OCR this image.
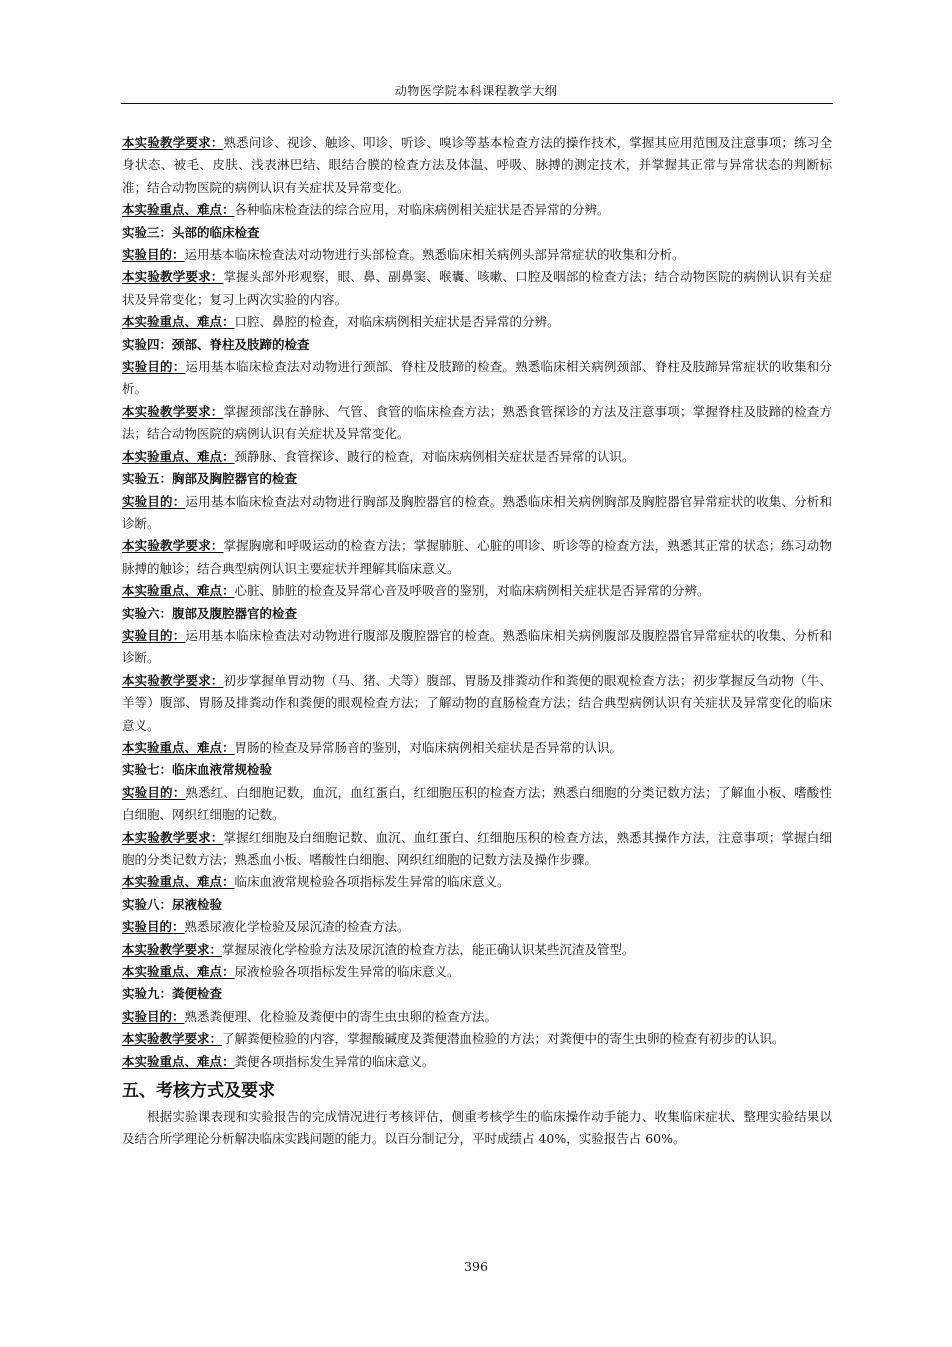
动物医学院本科课程教学大纲

本实验教学要求：熟悉问诊、视诊、触诊、叩诊、听诊、嗅诊等基本检查方法的操作技术，掌握其应用范围及注意事项；练习全身状态、被毛、皮肤、浅表淋巴结、眼结合膜的检查方法及体温、呼吸、脉搏的测定技术，并掌握其正常与异常状态的判断标准；结合动物医院的病例认识有关症状及异常变化。

本实验重点、难点：各种临床检查法的综合应用，对临床病例相关症状是否异常的分辨。

实验三：头部的临床检查

实验目的：运用基本临床检查法对动物进行头部检查。熟悉临床相关病例头部异常症状的收集和分析。

本实验教学要求：掌握头部外形观察，眼、鼻、副鼻窦、喉囊、咳嗽、口腔及咽部的检查方法；结合动物医院的病例认识有关症状及异常变化；复习上两次实验的内容。

本实验重点、难点：口腔、鼻腔的检查，对临床病例相关症状是否异常的分辨。

实验四：颈部、脊柱及肢蹄的检查

实验目的：运用基本临床检查法对动物进行颈部、脊柱及肢蹄的检查。熟悉临床相关病例颈部、脊柱及肢蹄异常症状的收集和分析。

本实验教学要求：掌握颈部浅在静脉、气管、食管的临床检查方法；熟悉食管探诊的方法及注意事项；掌握脊柱及肢蹄的检查方法；结合动物医院的病例认识有关症状及异常变化。

本实验重点、难点：颈静脉、食管探诊、跛行的检查，对临床病例相关症状是否异常的认识。

实验五：胸部及胸腔器官的检查

实验目的：运用基本临床检查法对动物进行胸部及胸腔器官的检查。熟悉临床相关病例胸部及胸腔器官异常症状的收集、分析和诊断。

本实验教学要求：掌握胸廓和呼吸运动的检查方法；掌握肺脏、心脏的叩诊、听诊等的检查方法，熟悉其正常的状态；练习动物脉搏的触诊；结合典型病例认识主要症状并理解其临床意义。

本实验重点、难点：心脏、肺脏的检查及异常心音及呼吸音的鉴别，对临床病例相关症状是否异常的分辨。

实验六：腹部及腹腔器官的检查

实验目的：运用基本临床检查法对动物进行腹部及腹腔器官的检查。熟悉临床相关病例腹部及腹腔器官异常症状的收集、分析和诊断。

本实验教学要求：初步掌握单胃动物（马、猪、犬等）腹部、胃肠及排粪动作和粪便的眼观检查方法；初步掌握反刍动物（牛、羊等）腹部、胃肠及排粪动作和粪便的眼观检查方法；了解动物的直肠检查方法；结合典型病例认识有关症状及异常变化的临床意义。

本实验重点、难点：胃肠的检查及异常肠音的鉴别，对临床病例相关症状是否异常的认识。

实验七：临床血液常规检验

实验目的：熟悉红、白细胞记数，血沉，血红蛋白，红细胞压积的检查方法；熟悉白细胞的分类记数方法；了解血小板、嗜酸性白细胞、网织红细胞的记数。

本实验教学要求：掌握红细胞及白细胞记数、血沉、血红蛋白、红细胞压积的检查方法，熟悉其操作方法，注意事项；掌握白细胞的分类记数方法；熟悉血小板、嗜酸性白细胞、网织红细胞的记数方法及操作步骤。

本实验重点、难点：临床血液常规检验各项指标发生异常的临床意义。

实验八：尿液检验

实验目的：熟悉尿液化学检验及尿沉渣的检查方法。

本实验教学要求：掌握尿液化学检验方法及尿沉渣的检查方法，能正确认识某些沉渣及管型。

本实验重点、难点：尿液检验各项指标发生异常的临床意义。

实验九：粪便检查

实验目的：熟悉粪便理、化检验及粪便中的寄生虫虫卵的检查方法。

本实验教学要求：了解粪便检验的内容，掌握酸碱度及粪便潜血检验的方法；对粪便中的寄生虫卵的检查有初步的认识。

本实验重点、难点：粪便各项指标发生异常的临床意义。

五、考核方式及要求

根据实验课表现和实验报告的完成情况进行考核评估，侧重考核学生的临床操作动手能力、收集临床症状、整理实验结果以及结合所学理论分析解决临床实践问题的能力。以百分制记分，平时成绩占 40%，实验报告占 60%。

396
